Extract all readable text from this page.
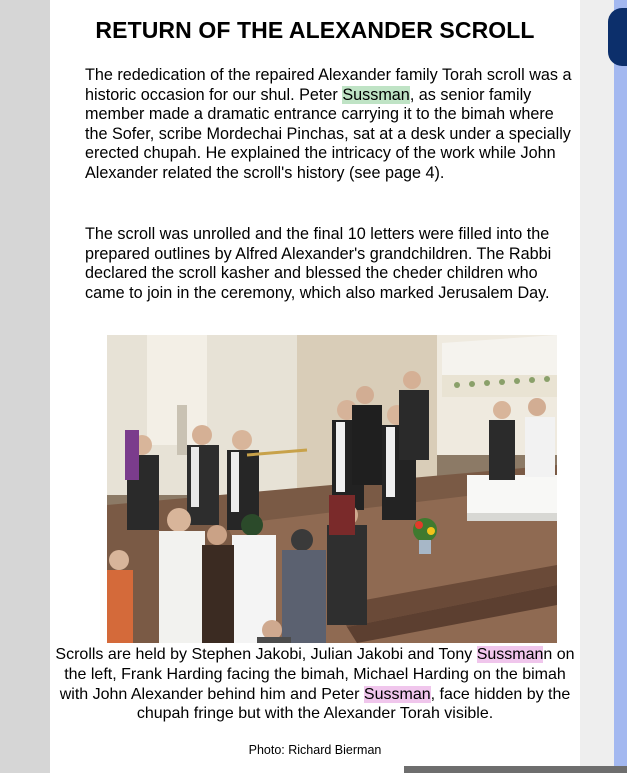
RETURN OF THE ALEXANDER SCROLL

The rededication of the repaired Alexander family Torah scroll was a historic occasion for our shul. Peter Sussman, as senior family member made a dramatic entrance carrying it to the bimah where the Sofer, scribe Mordechai Pinchas, sat at a desk under a specially erected chupah. He explained the intricacy of the work while John Alexander related the scroll's history (see page 4).

The scroll was unrolled and the final 10 letters were filled into the prepared outlines by Alfred Alexander's grandchildren. The Rabbi declared the scroll kasher and blessed the cheder children who came to join in the ceremony, which also marked Jerusalem Day.

Scrolls are held by Stephen Jakobi, Julian Jakobi and Tony Sussmann on the left, Frank Harding facing the bimah, Michael Harding on the bimah with John Alexander behind him and Peter Sussman, face hidden by the chupah fringe but with the Alexander Torah visible.

Photo: Richard Bierman
